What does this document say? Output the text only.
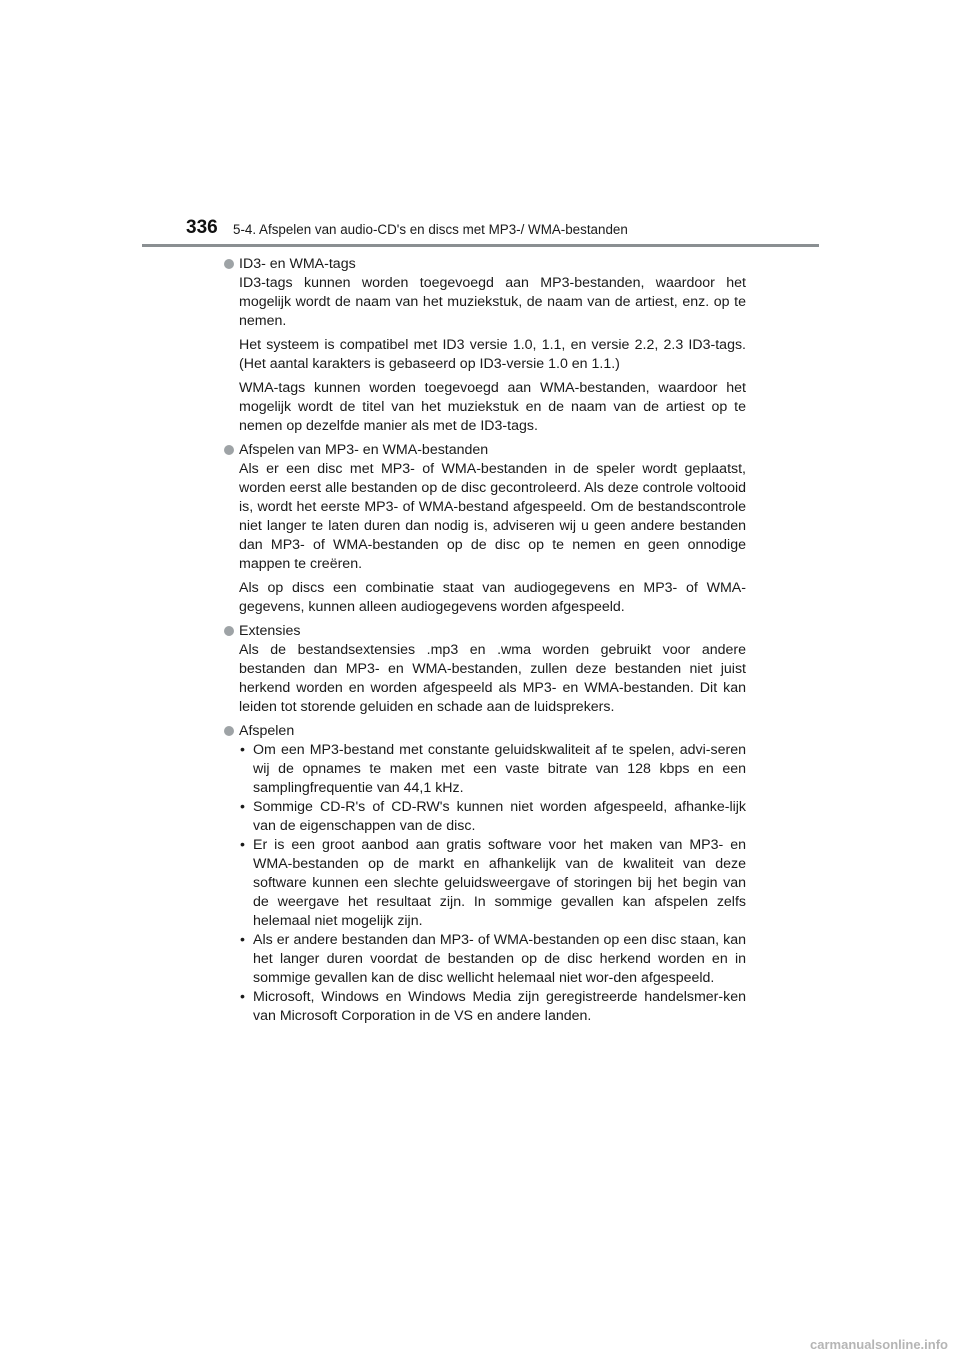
336 5-4. Afspelen van audio-CD's en discs met MP3-/ WMA-bestanden
ID3- en WMA-tags

ID3-tags kunnen worden toegevoegd aan MP3-bestanden, waardoor het mogelijk wordt de naam van het muziekstuk, de naam van de artiest, enz. op te nemen.

Het systeem is compatibel met ID3 versie 1.0, 1.1, en versie 2.2, 2.3 ID3-tags. (Het aantal karakters is gebaseerd op ID3-versie 1.0 en 1.1.)

WMA-tags kunnen worden toegevoegd aan WMA-bestanden, waardoor het mogelijk wordt de titel van het muziekstuk en de naam van de artiest op te nemen op dezelfde manier als met de ID3-tags.

Afspelen van MP3- en WMA-bestanden

Als er een disc met MP3- of WMA-bestanden in de speler wordt geplaatst, worden eerst alle bestanden op de disc gecontroleerd. Als deze controle voltooid is, wordt het eerste MP3- of WMA-bestand afgespeeld. Om de bestandscontrole niet langer te laten duren dan nodig is, adviseren wij u geen andere bestanden dan MP3- of WMA-bestanden op de disc op te nemen en geen onnodige mappen te creëren.

Als op discs een combinatie staat van audiogegevens en MP3- of WMA-gegevens, kunnen alleen audiogegevens worden afgespeeld.

Extensies

Als de bestandsextensies .mp3 en .wma worden gebruikt voor andere bestanden dan MP3- en WMA-bestanden, zullen deze bestanden niet juist herkend worden en worden afgespeeld als MP3- en WMA-bestanden. Dit kan leiden tot storende geluiden en schade aan de luidsprekers.

Afspelen
• Om een MP3-bestand met constante geluidskwaliteit af te spelen, advi-seren wij de opnames te maken met een vaste bitrate van 128 kbps en een samplingfrequentie van 44,1 kHz.
• Sommige CD-R's of CD-RW's kunnen niet worden afgespeeld, afhanke-lijk van de eigenschappen van de disc.
• Er is een groot aanbod aan gratis software voor het maken van MP3- en WMA-bestanden op de markt en afhankelijk van de kwaliteit van deze software kunnen een slechte geluidsweergave of storingen bij het begin van de weergave het resultaat zijn. In sommige gevallen kan afspelen zelfs helemaal niet mogelijk zijn.
• Als er andere bestanden dan MP3- of WMA-bestanden op een disc staan, kan het langer duren voordat de bestanden op de disc herkend worden en in sommige gevallen kan de disc wellicht helemaal niet wor-den afgespeeld.
• Microsoft, Windows en Windows Media zijn geregistreerde handelsmer-ken van Microsoft Corporation in de VS en andere landen.
carmanualsonline.info
